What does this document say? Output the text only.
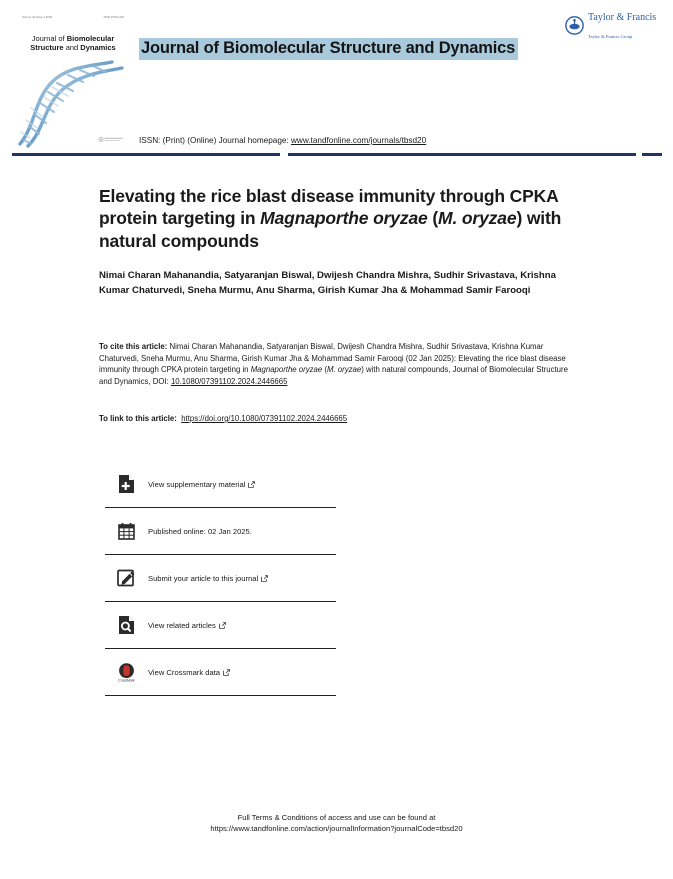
Volume 43 Issue 1 2025	ISSN 0739-1102
Journal of Biomolecular
Structure and Dynamics	Journal of Biomolecular Structure and Dynamics
ISSN: (Print) (Online) Journal homepage: www.tandfonline.com/journals/tbsd20
Taylor & Francis
Taylor & Francis Group
Elevating the rice blast disease immunity through CPKA protein targeting in Magnaporthe oryzae (M. oryzae) with natural compounds
Nimai Charan Mahanandia, Satyaranjan Biswal, Dwijesh Chandra Mishra, Sudhir Srivastava, Krishna Kumar Chaturvedi, Sneha Murmu, Anu Sharma, Girish Kumar Jha & Mohammad Samir Farooqi
To cite this article: Nimai Charan Mahanandia, Satyaranjan Biswal, Dwijesh Chandra Mishra, Sudhir Srivastava, Krishna Kumar Chaturvedi, Sneha Murmu, Anu Sharma, Girish Kumar Jha & Mohammad Samir Farooqi (02 Jan 2025): Elevating the rice blast disease immunity through CPKA protein targeting in Magnaporthe oryzae (M. oryzae) with natural compounds, Journal of Biomolecular Structure and Dynamics, DOI: 10.1080/07391102.2024.2446665
To link to this article: https://doi.org/10.1080/07391102.2024.2446665
View supplementary material
Published online: 02 Jan 2025.
Submit your article to this journal
View related articles
CrossMark
View Crossmark data
Full Terms & Conditions of access and use can be found at
https://www.tandfonline.com/action/journalInformation?journalCode=tbsd20
